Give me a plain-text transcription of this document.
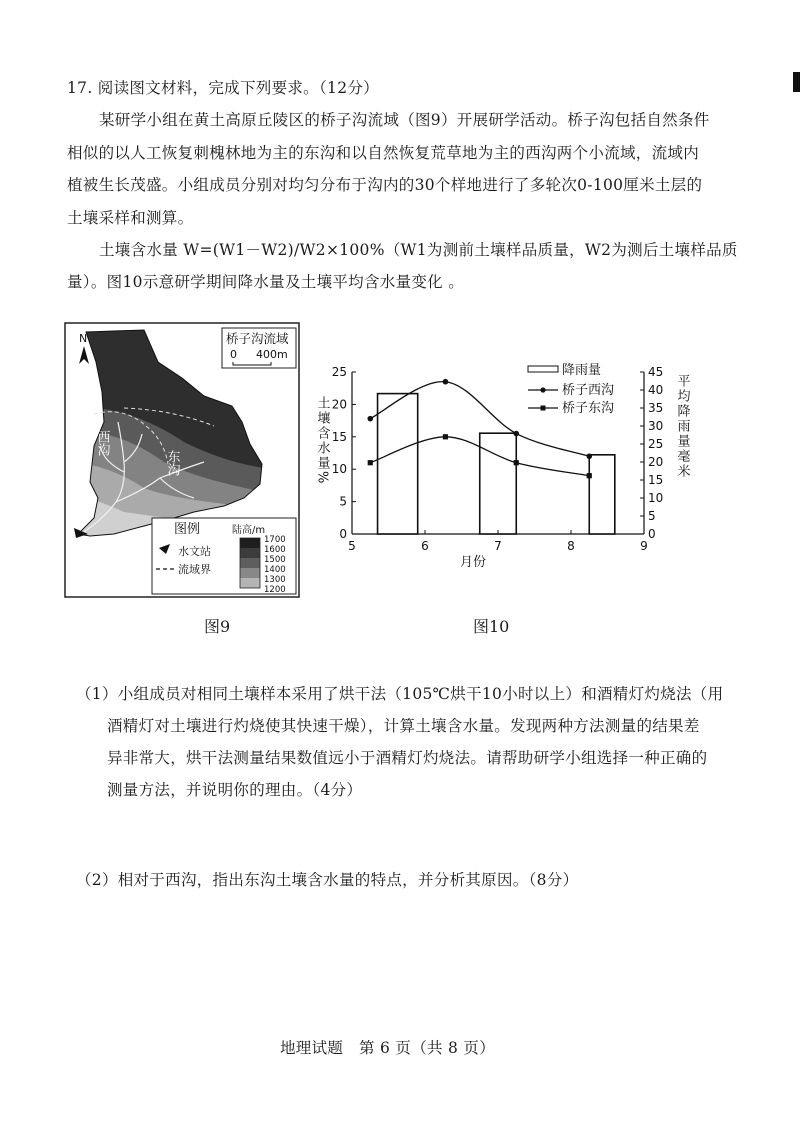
17. 阅读图文材料，完成下列要求。（12分）
某研学小组在黄土高原丘陵区的桥子沟流域（图9）开展研学活动。桥子沟包括自然条件
相似的以人工恢复刺槐林地为主的东沟和以自然恢复荒草地为主的西沟两个小流域，流域内
植被生长茂盛。小组成员分别对均匀分布于沟内的30个样地进行了多轮次0-100厘米土层的
土壤采样和测算。
土壤含水量 W=(W1－W2)/W2×100%（W1为测前土壤样品质量，W2为测后土壤样品质
量）。图10示意研学期间降水量及土壤平均含水量变化 。
N	桥子沟流域
0 400m
西沟
东沟
图例
水文站
流域界
陆高/m
1700
1600
1500
1400
1300
1200
0
5
10
15
20
25
0
5
10
15
20
25
30
35
40
45
5	6	7	8	9
土壤含水量%	平均降雨量毫米
月份
降雨量
桥子西沟
桥子东沟
图9	图10
（1）小组成员对相同土壤样本采用了烘干法（105℃烘干10小时以上）和酒精灯灼烧法（用
酒精灯对土壤进行灼烧使其快速干燥），计算土壤含水量。发现两种方法测量的结果差
异非常大，烘干法测量结果数值远小于酒精灯灼烧法。请帮助研学小组选择一种正确的
测量方法，并说明你的理由。（4分）
（2）相对于西沟，指出东沟土壤含水量的特点，并分析其原因。（8分）
地理试题　第 6 页（共 8 页）
